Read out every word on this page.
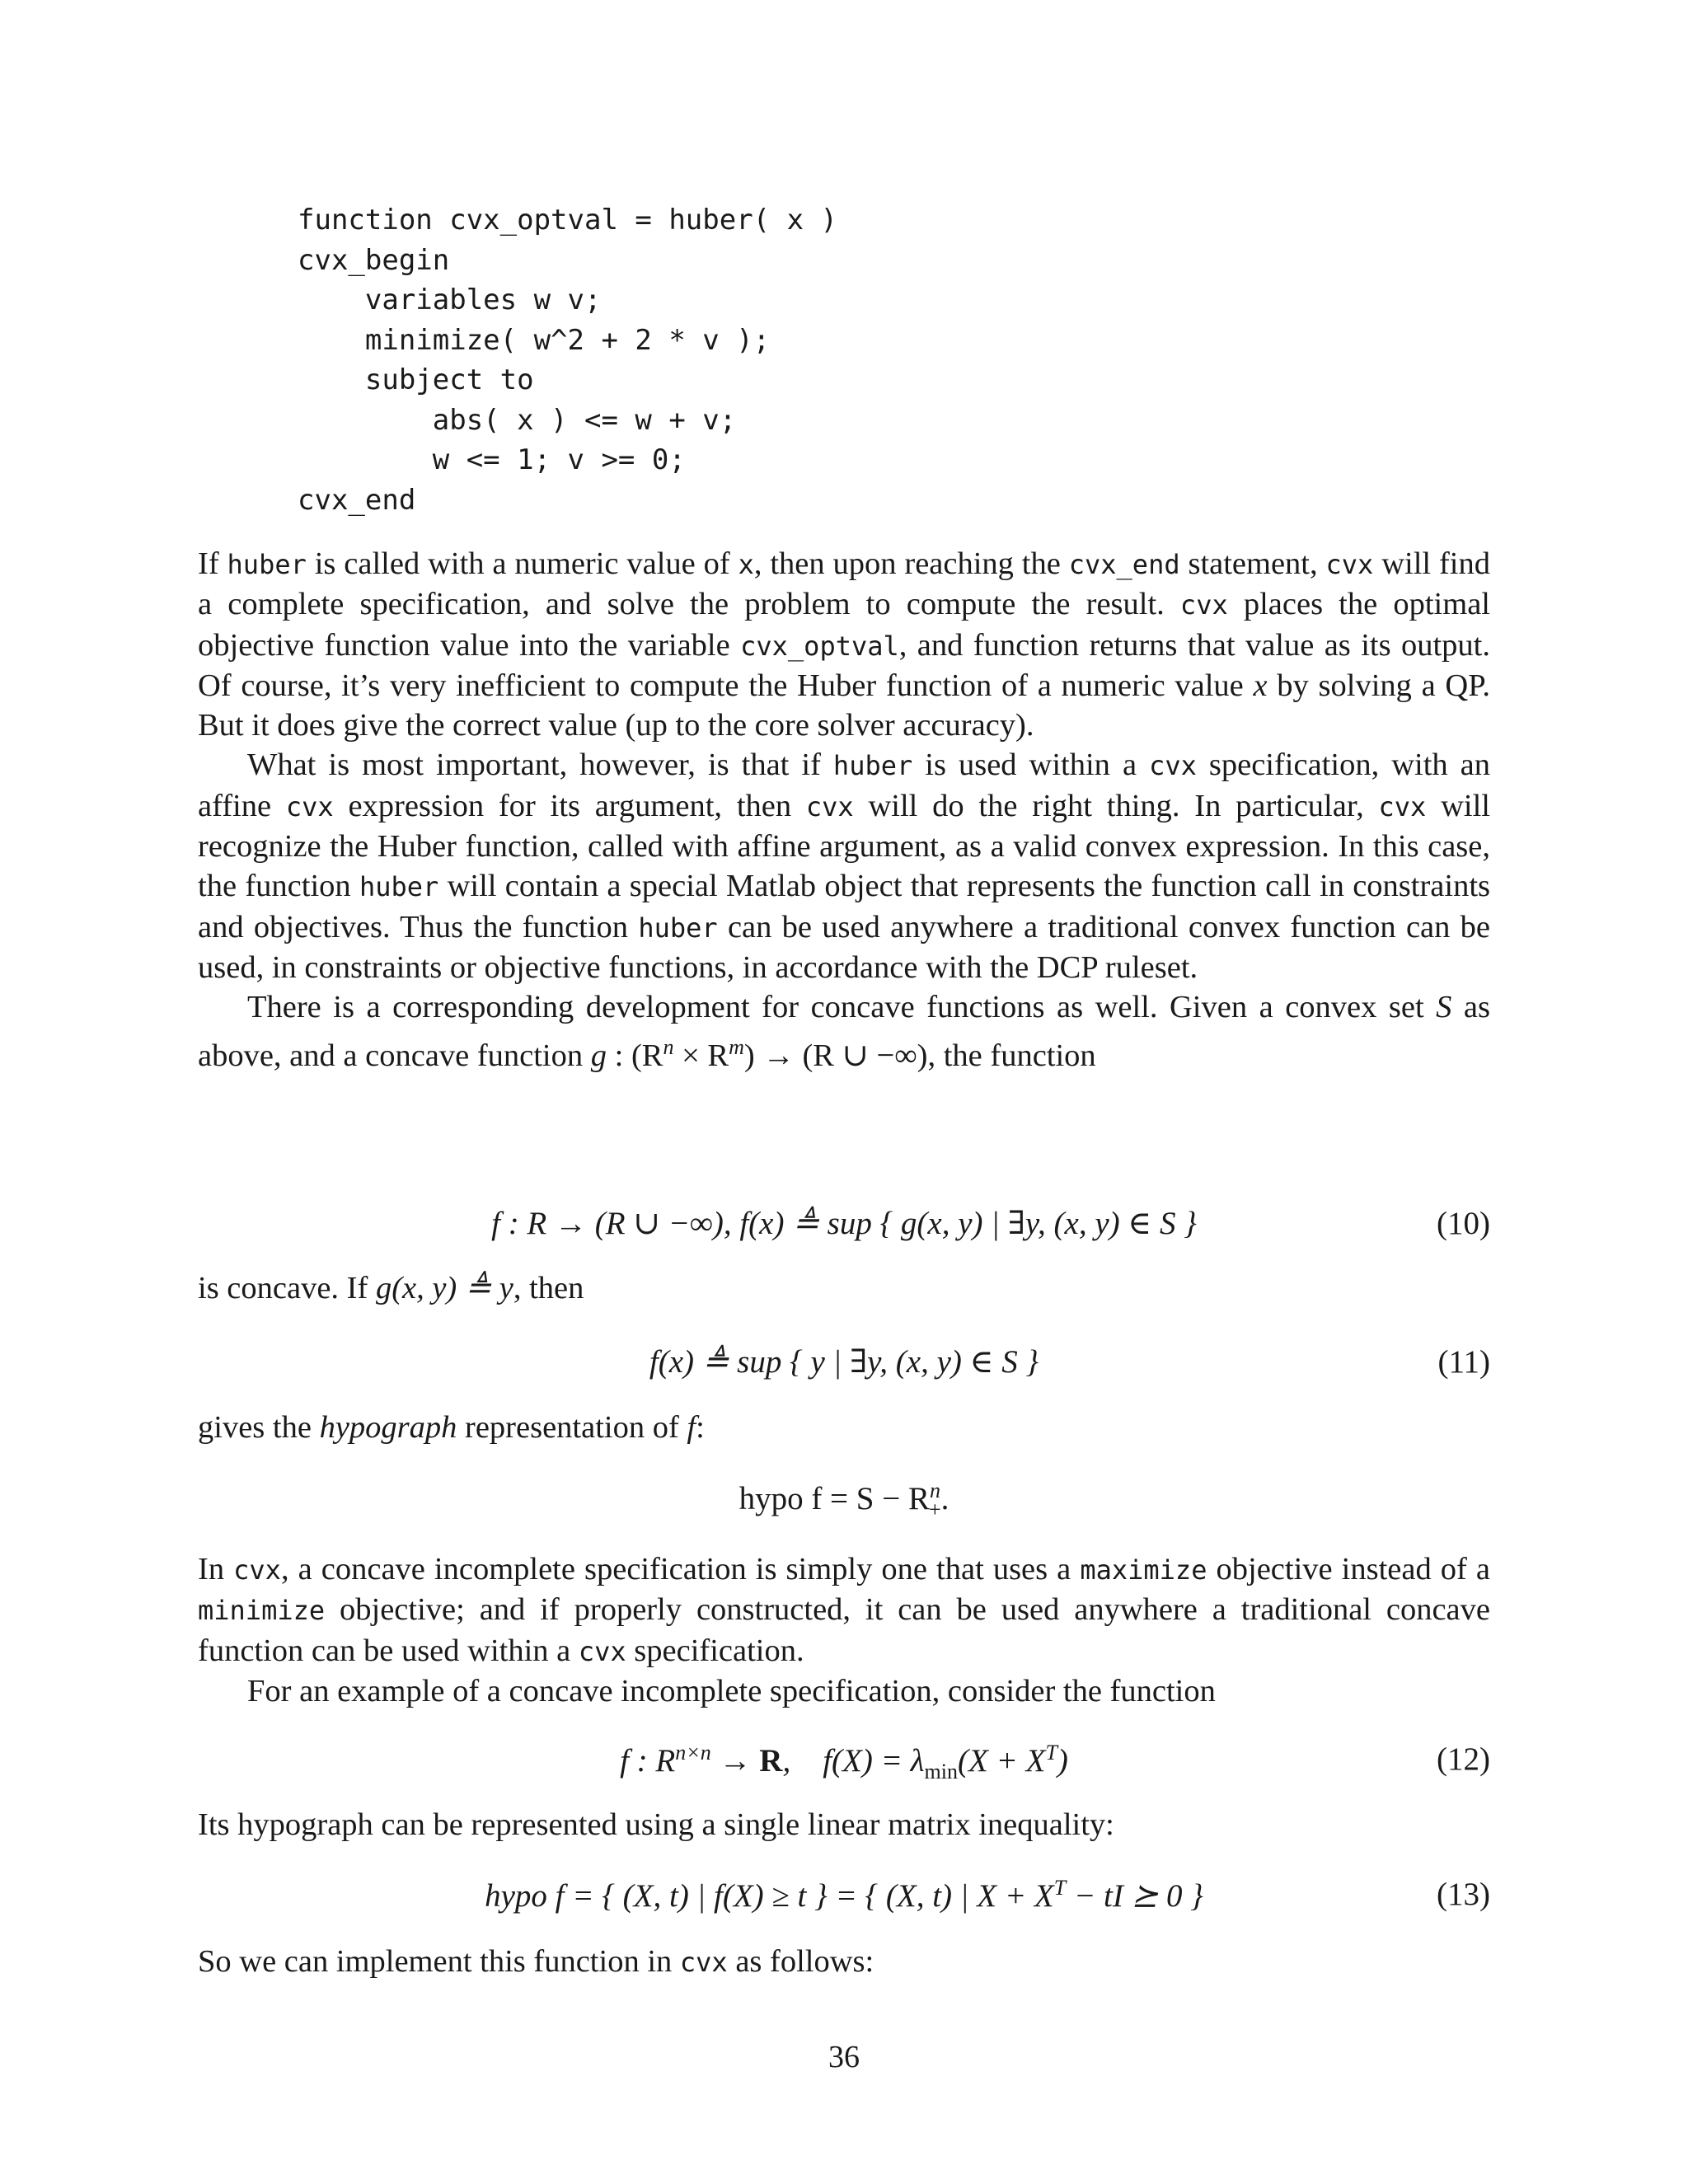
function cvx_optval = huber( x )
cvx_begin
variables w v;
minimize( w^2 + 2 * v );
subject to
abs( x ) <= w + v;
w <= 1; v >= 0;
cvx_end

If huber is called with a numeric value of x, then upon reaching the cvx_end statement, cvx will find a complete specification, and solve the problem to compute the result. cvx places the optimal objective function value into the variable cvx_optval, and function returns that value as its output. Of course, it’s very inefficient to compute the Huber function of a numeric value x by solving a QP. But it does give the correct value (up to the core solver accuracy).

What is most important, however, is that if huber is used within a cvx specification, with an affine cvx expression for its argument, then cvx will do the right thing. In particular, cvx will recognize the Huber function, called with affine argument, as a valid convex expression. In this case, the function huber will contain a special Matlab object that represents the function call in constraints and objectives. Thus the function huber can be used anywhere a traditional convex function can be used, in constraints or objective functions, in accordance with the DCP ruleset.

There is a corresponding development for concave functions as well. Given a convex set S as above, and a concave function g : $(R^n \times R^m) \to (R$ ∪ −∞), the function

f : R → (R ∪ −∞), f(x) ≜ sup { g(x, y) | ∃y, (x, y) ∈ S }	(10)

is concave. If g(x, y) ≜ y, then

f(x) ≜ sup { y | ∃y, (x, y) ∈ S }	(11)

gives the hypograph representation of f:

hypo $f = S - R^n_+$.

In cvx, a concave incomplete specification is simply one that uses a maximize objective instead of a minimize objective; and if properly constructed, it can be used anywhere a traditional concave function can be used within a cvx specification.

For an example of a concave incomplete specification, consider the function

f : $R^{n\times n} \to R$,    $f(X) = \lambda_{min}(X + X^T)$	(12)

Its hypograph can be represented using a single linear matrix inequality:

hypo f = { (X, t) | f(X) ≥ t } = { (X, t) | $X + X^T$ − tI ⪰ 0 }	(13)

So we can implement this function in cvx as follows:

36
